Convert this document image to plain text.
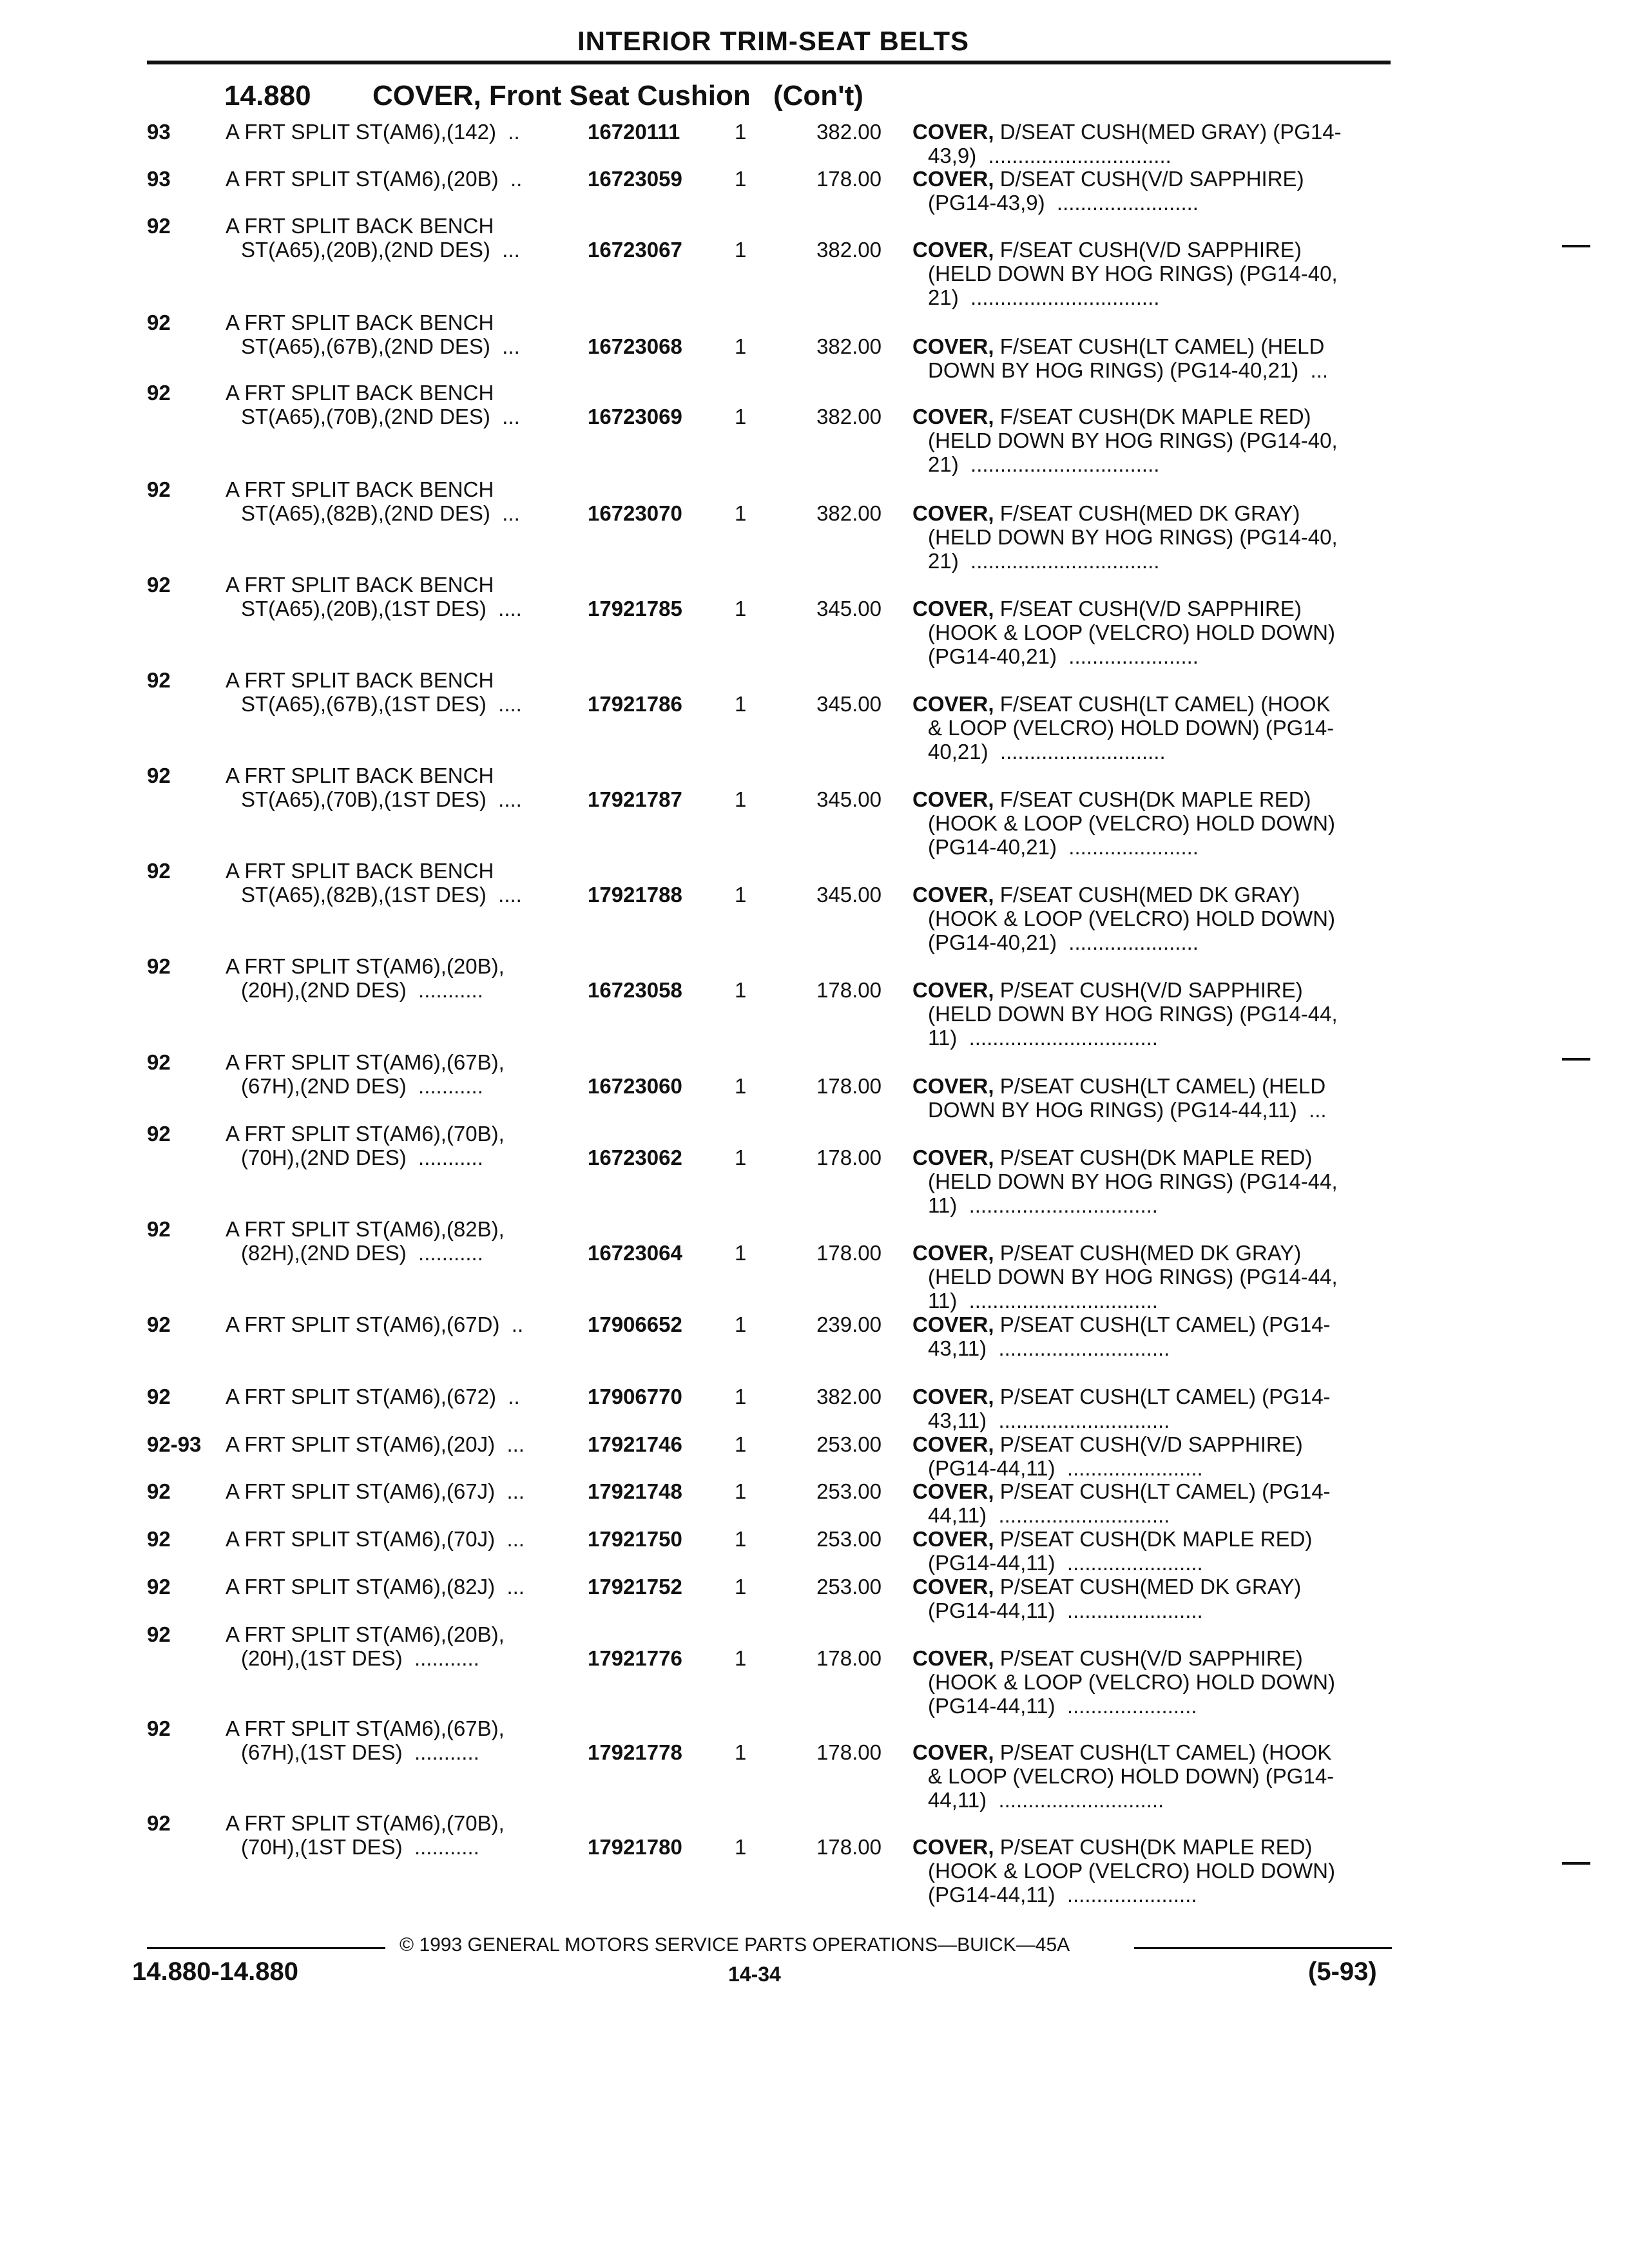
INTERIOR TRIM-SEAT BELTS
14.880 COVER, Front Seat Cushion (Con't)
93	A FRT SPLIT ST(AM6),(142)  ..	16720111	1	382.00 COVER, D/SEAT CUSH(MED GRAY) (PG14-
43,9)  ...............................
93	A FRT SPLIT ST(AM6),(20B)  ..	16723059 1	178.00 COVER, D/SEAT CUSH(V/D SAPPHIRE)
(PG14-43,9)  ........................
92	A FRT SPLIT BACK BENCH
ST(A65),(20B),(2ND DES)  ...	16723067 1	382.00 COVER, F/SEAT CUSH(V/D SAPPHIRE)
(HELD DOWN BY HOG RINGS) (PG14-40,
21)  ................................
92	A FRT SPLIT BACK BENCH
ST(A65),(67B),(2ND DES)  ...	16723068 1	382.00 COVER, F/SEAT CUSH(LT CAMEL) (HELD
DOWN BY HOG RINGS) (PG14-40,21)  ...
92	A FRT SPLIT BACK BENCH
ST(A65),(70B),(2ND DES)  ...	16723069 1	382.00 COVER, F/SEAT CUSH(DK MAPLE RED)
(HELD DOWN BY HOG RINGS) (PG14-40,
21)  ................................
92	A FRT SPLIT BACK BENCH
ST(A65),(82B),(2ND DES)  ...	16723070 1	382.00 COVER, F/SEAT CUSH(MED DK GRAY)
(HELD DOWN BY HOG RINGS) (PG14-40,
21)  ................................
92	A FRT SPLIT BACK BENCH
ST(A65),(20B),(1ST DES)  ....	17921785 1	345.00 COVER, F/SEAT CUSH(V/D SAPPHIRE)
(HOOK & LOOP (VELCRO) HOLD DOWN)
(PG14-40,21)  ......................
92	A FRT SPLIT BACK BENCH
ST(A65),(67B),(1ST DES)  ....	17921786 1	345.00 COVER, F/SEAT CUSH(LT CAMEL) (HOOK
& LOOP (VELCRO) HOLD DOWN) (PG14-
40,21)  ............................
92	A FRT SPLIT BACK BENCH
ST(A65),(70B),(1ST DES)  ....	17921787 1	345.00 COVER, F/SEAT CUSH(DK MAPLE RED)
(HOOK & LOOP (VELCRO) HOLD DOWN)
(PG14-40,21)  ......................
92	A FRT SPLIT BACK BENCH
ST(A65),(82B),(1ST DES)  ....	17921788 1	345.00 COVER, F/SEAT CUSH(MED DK GRAY)
(HOOK & LOOP (VELCRO) HOLD DOWN)
(PG14-40,21)  ......................
92	A FRT SPLIT ST(AM6),(20B),
(20H),(2ND DES)  ...........	16723058 1	178.00 COVER, P/SEAT CUSH(V/D SAPPHIRE)
(HELD DOWN BY HOG RINGS) (PG14-44,
11)  ................................
92	A FRT SPLIT ST(AM6),(67B),
(67H),(2ND DES)  ...........	16723060 1	178.00 COVER, P/SEAT CUSH(LT CAMEL) (HELD
DOWN BY HOG RINGS) (PG14-44,11)  ...
92	A FRT SPLIT ST(AM6),(70B),
(70H),(2ND DES)  ...........	16723062 1	178.00 COVER, P/SEAT CUSH(DK MAPLE RED)
(HELD DOWN BY HOG RINGS) (PG14-44,
11)  ................................
92	A FRT SPLIT ST(AM6),(82B),
(82H),(2ND DES)  ...........	16723064 1	178.00 COVER, P/SEAT CUSH(MED DK GRAY)
(HELD DOWN BY HOG RINGS) (PG14-44,
11)  ................................
92	A FRT SPLIT ST(AM6),(67D)  ..	17906652 1	239.00 COVER, P/SEAT CUSH(LT CAMEL) (PG14-
43,11)  .............................
92	A FRT SPLIT ST(AM6),(672)  ..	17906770 1	382.00 COVER, P/SEAT CUSH(LT CAMEL) (PG14-
43,11)  .............................
92-93 A FRT SPLIT ST(AM6),(20J)  ...	17921746 1	253.00 COVER, P/SEAT CUSH(V/D SAPPHIRE)
(PG14-44,11)  .......................
92	A FRT SPLIT ST(AM6),(67J)  ...	17921748 1	253.00 COVER, P/SEAT CUSH(LT CAMEL) (PG14-
44,11)  .............................
92	A FRT SPLIT ST(AM6),(70J)  ...	17921750 1	253.00 COVER, P/SEAT CUSH(DK MAPLE RED)
(PG14-44,11)  .......................
92	A FRT SPLIT ST(AM6),(82J)  ...	17921752 1	253.00 COVER, P/SEAT CUSH(MED DK GRAY)
(PG14-44,11)  .......................
92	A FRT SPLIT ST(AM6),(20B),
(20H),(1ST DES)  ...........	17921776 1	178.00 COVER, P/SEAT CUSH(V/D SAPPHIRE)
(HOOK & LOOP (VELCRO) HOLD DOWN)
(PG14-44,11)  ......................
92	A FRT SPLIT ST(AM6),(67B),
(67H),(1ST DES)  ...........	17921778 1	178.00 COVER, P/SEAT CUSH(LT CAMEL) (HOOK
& LOOP (VELCRO) HOLD DOWN) (PG14-
44,11)  ............................
92	A FRT SPLIT ST(AM6),(70B),
(70H),(1ST DES)  ...........	17921780 1	178.00 COVER, P/SEAT CUSH(DK MAPLE RED)
(HOOK & LOOP (VELCRO) HOLD DOWN)
(PG14-44,11)  ......................
© 1993 GENERAL MOTORS SERVICE PARTS OPERATIONS—BUICK—45A
14.880-14.880	14-34	(5-93)
